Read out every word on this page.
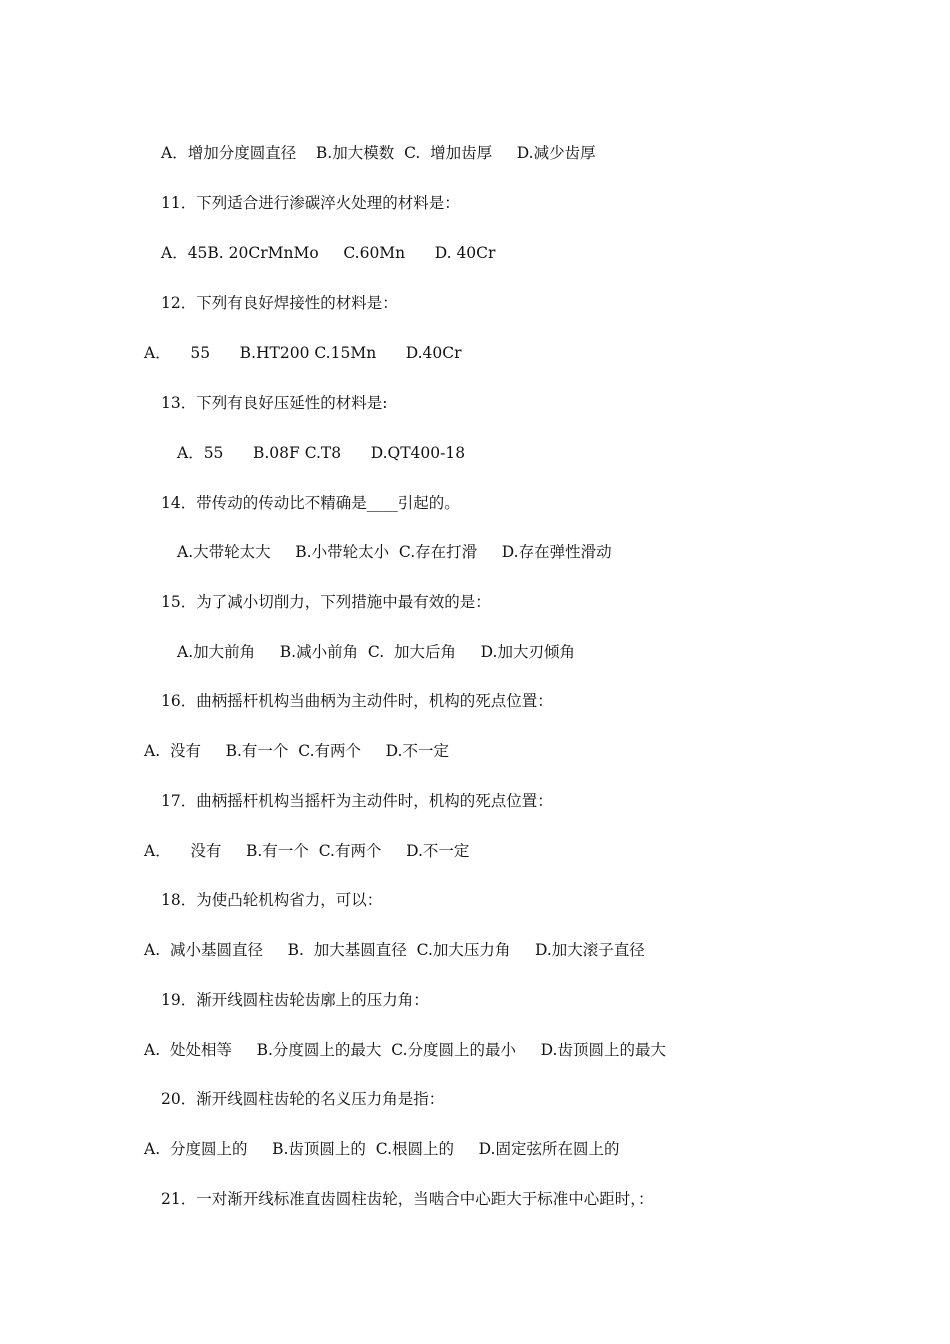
A．增加分度圆直径    B.加大模数  C.  增加齿厚     D.减少齿厚
11．下列适合进行渗碳淬火处理的材料是：
A．45B. 20CrMnMo     C.60Mn      D. 40Cr
12．下列有良好焊接性的材料是：
A．    55      B.HT200 C.15Mn      D.40Cr
13．下列有良好压延性的材料是:
A．55      B.08F C.T8      D.QT400-18
14．带传动的传动比不精确是____引起的。
A.大带轮太大     B.小带轮太小  C.存在打滑     D.存在弹性滑动
15．为了减小切削力，下列措施中最有效的是：
A.加大前角     B.减小前角  C.  加大后角     D.加大刃倾角
16．曲柄摇杆机构当曲柄为主动件时，机构的死点位置：
A.  没有     B.有一个  C.有两个     D.不一定
17．曲柄摇杆机构当摇杆为主动件时，机构的死点位置：
A．    没有     B.有一个  C.有两个     D.不一定
18．为使凸轮机构省力，可以：
A.  减小基圆直径     B.  加大基圆直径  C.加大压力角     D.加大滚子直径
19．渐开线圆柱齿轮齿廓上的压力角：
A.  处处相等     B.分度圆上的最大  C.分度圆上的最小     D.齿顶圆上的最大
20．渐开线圆柱齿轮的名义压力角是指：
A.  分度圆上的     B.齿顶圆上的  C.根圆上的     D.固定弦所在圆上的
21．一对渐开线标准直齿圆柱齿轮，当啮合中心距大于标准中心距时，：
